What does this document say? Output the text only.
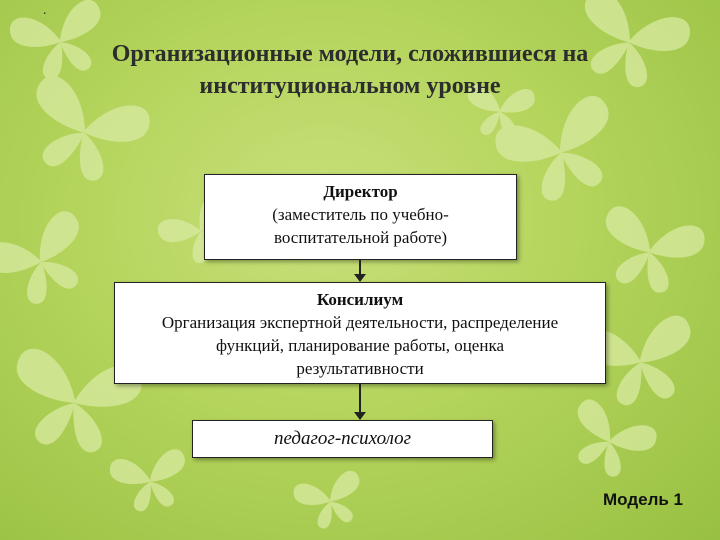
.
Организационные модели, сложившиеся на
институциональном уровне
Директор
(заместитель по учебно-
воспитательной работе)
Консилиум
Организация экспертной деятельности, распределение
функций, планирование работы, оценка
результативности
педагог-психолог
Модель 1
